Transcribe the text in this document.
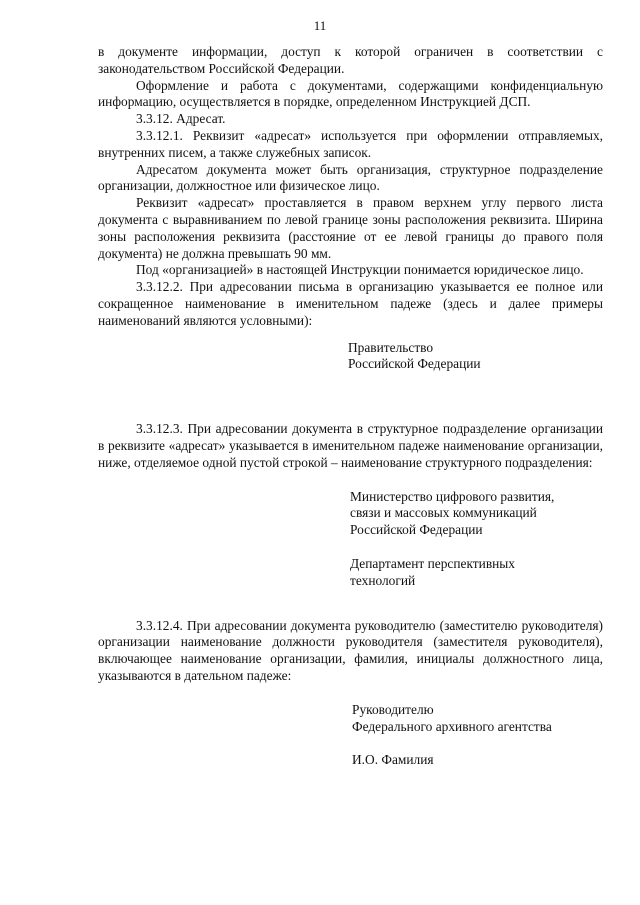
11

в документе информации, доступ к которой ограничен в соответствии с законодательством Российской Федерации.

Оформление и работа с документами, содержащими конфиденциальную информацию, осуществляется в порядке, определенном Инструкцией ДСП.

3.3.12. Адресат.

3.3.12.1. Реквизит «адресат» используется при оформлении отправляемых, внутренних писем, а также служебных записок.

Адресатом документа может быть организация, структурное подразделение организации, должностное или физическое лицо.

Реквизит «адресат» проставляется в правом верхнем углу первого листа документа с выравниванием по левой границе зоны расположения реквизита. Ширина зоны расположения реквизита (расстояние от ее левой границы до правого поля документа) не должна превышать 90 мм.

Под «организацией» в настоящей Инструкции понимается юридическое лицо.

3.3.12.2. При адресовании письма в организацию указывается ее полное или сокращенное наименование в именительном падеже (здесь и далее примеры наименований являются условными):

Правительство
Российской Федерации

3.3.12.3. При адресовании документа в структурное подразделение организации в реквизите «адресат» указывается в именительном падеже наименование организации, ниже, отделяемое одной пустой строкой – наименование структурного подразделения:

Министерство цифрового развития,
связи и массовых коммуникаций
Российской Федерации
Департамент перспективных
технологий

3.3.12.4. При адресовании документа руководителю (заместителю руководителя) организации наименование должности руководителя (заместителя руководителя), включающее наименование организации, фамилия, инициалы должностного лица, указываются в дательном падеже:

Руководителю
Федерального архивного агентства
И.О. Фамилия
